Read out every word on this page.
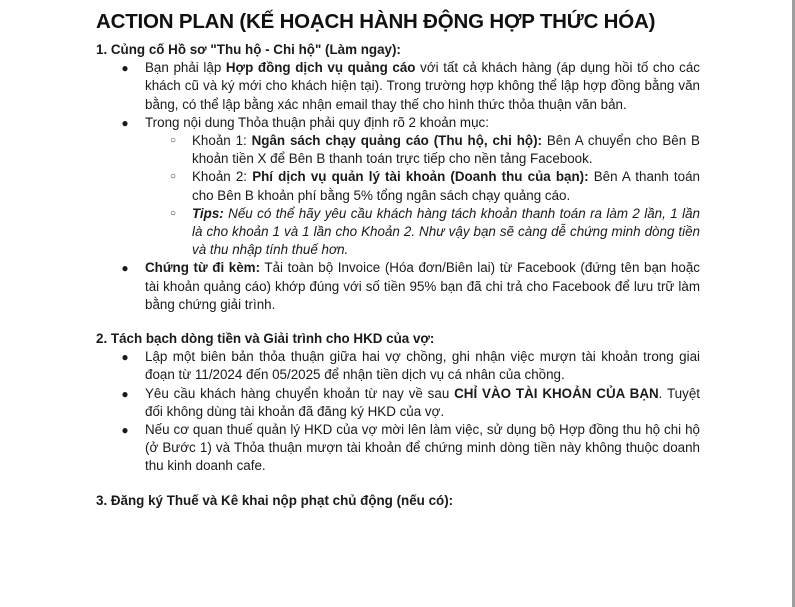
ACTION PLAN (KẾ HOẠCH HÀNH ĐỘNG HỢP THỨC HÓA)

1. Củng cố Hồ sơ "Thu hộ - Chi hộ" (Làm ngay):

● Bạn phải lập Hợp đồng dịch vụ quảng cáo với tất cả khách hàng (áp dụng hồi tố cho các khách cũ và ký mới cho khách hiện tại). Trong trường hợp không thể lập hợp đồng bằng văn bằng, có thể lập bằng xác nhận email thay thế cho hình thức thỏa thuận văn bản.
● Trong nội dung Thỏa thuận phải quy định rõ 2 khoản mục:
○ Khoản 1: Ngân sách chạy quảng cáo (Thu hộ, chi hộ): Bên A chuyển cho Bên B khoản tiền X để Bên B thanh toán trực tiếp cho nền tảng Facebook.
○ Khoản 2: Phí dịch vụ quản lý tài khoản (Doanh thu của bạn): Bên A thanh toán cho Bên B khoản phí bằng 5% tổng ngân sách chạy quảng cáo.
○ Tips: Nếu có thể hãy yêu cầu khách hàng tách khoản thanh toán ra làm 2 lần, 1 lần là cho khoản 1 và 1 lần cho Khoản 2. Như vậy bạn sẽ càng dễ chứng minh dòng tiền và thu nhập tính thuế hơn.
● Chứng từ đi kèm: Tải toàn bộ Invoice (Hóa đơn/Biên lai) từ Facebook (đứng tên bạn hoặc tài khoản quảng cáo) khớp đúng với số tiền 95% bạn đã chi trả cho Facebook để lưu trữ làm bằng chứng giải trình.

2. Tách bạch dòng tiền và Giải trình cho HKD của vợ:

● Lập một biên bản thỏa thuận giữa hai vợ chồng, ghi nhận việc mượn tài khoản trong giai đoạn từ 11/2024 đến 05/2025 để nhận tiền dịch vụ cá nhân của chồng.
● Yêu cầu khách hàng chuyển khoản từ nay về sau CHỈ VÀO TÀI KHOẢN CỦA BẠN. Tuyệt đối không dùng tài khoản đã đăng ký HKD của vợ.
● Nếu cơ quan thuế quản lý HKD của vợ mời lên làm việc, sử dụng bộ Hợp đồng thu hộ chi hộ (ở Bước 1) và Thỏa thuận mượn tài khoản để chứng minh dòng tiền này không thuộc doanh thu kinh doanh cafe.

3. Đăng ký Thuế và Kê khai nộp phạt chủ động (nếu có):
